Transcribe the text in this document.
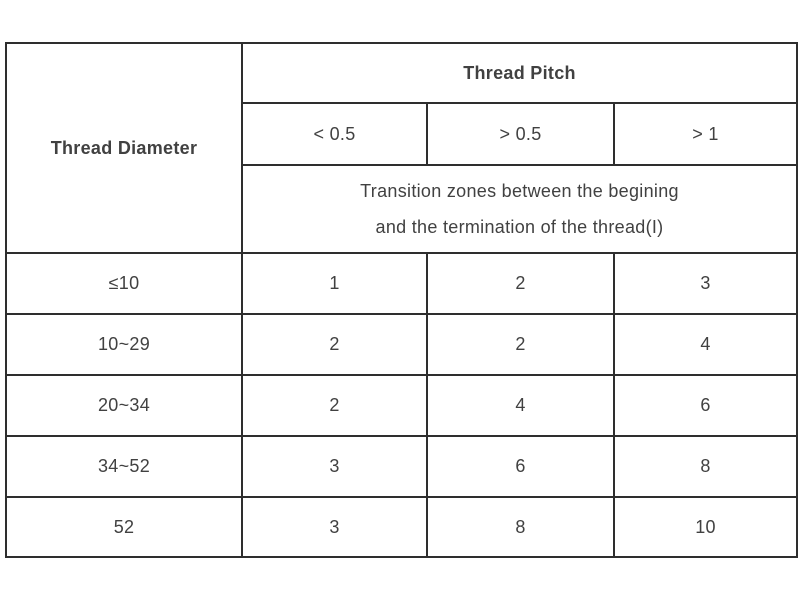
Thread Diameter	Thread Pitch		
	< 0.5	> 0.5	> 1

	Transition zones between the begining
and the termination of the thread(I)		

≤10	1	2	3
10~29	2	2	4
20~34	2	4	6
34~52	3	6	8
52	3	8	10
